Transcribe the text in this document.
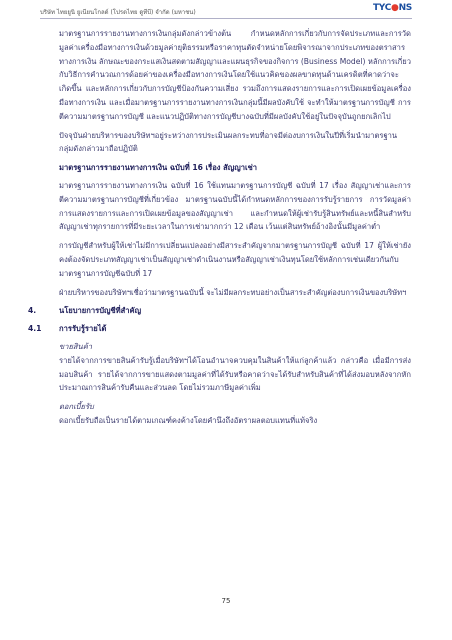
บริษัท ไทยยูนิ ยูเนียนโกลด์ (โปรดไทย ดูทีบี) จำกัด (มหาชน)	TYC●NS

มาตรฐานการรายงานทางการเงินกลุ่มดังกล่าวข้างต้น กำหนดหลักการเกี่ยวกับการจัดประเภทและการวัดมูลค่าเครื่องมือทางการเงินด้วยมูลค่ายุติธรรมหรือราคาทุนตัดจำหน่ายโดยพิจารณาจากประเภทของตราสารทางการเงิน ลักษณะของกระแสเงินสดตามสัญญาและแผนธุรกิจของกิจการ (Business Model) หลักการเกี่ยวกับวิธีการคำนวณการด้อยค่าของเครื่องมือทางการเงินโดยใช้แนวคิดของผลขาดทุนด้านเครดิตที่คาดว่าจะเกิดขึ้น และหลักการเกี่ยวกับการบัญชีป้องกันความเสี่ยง รวมถึงการแสดงรายการและการเปิดเผยข้อมูลเครื่องมือทางการเงิน และเมื่อมาตรฐานการรายงานทางการเงินกลุ่มนี้มีผลบังคับใช้ จะทำให้มาตรฐานการบัญชี การตีความมาตรฐานการบัญชี และแนวปฏิบัติทางการบัญชีบางฉบับที่มีผลบังคับใช้อยู่ในปัจจุบันถูกยกเลิกไป

ปัจจุบันฝ่ายบริหารของบริษัทฯอยู่ระหว่างการประเมินผลกระทบที่อาจมีต่องบการเงินในปีที่เริ่มนำมาตรฐานกลุ่มดังกล่าวมาถือปฏิบัติ

มาตรฐานการรายงานทางการเงิน ฉบับที่ 16 เรื่อง สัญญาเช่า

มาตรฐานการรายงานทางการเงิน ฉบับที่ 16 ใช้แทนมาตรฐานการบัญชี ฉบับที่ 17 เรื่อง สัญญาเช่าและการตีความมาตรฐานการบัญชีที่เกี่ยวข้อง มาตรฐานฉบับนี้ได้กำหนดหลักการของการรับรู้รายการ การวัดมูลค่า การแสดงรายการและการเปิดเผยข้อมูลของสัญญาเช่า และกำหนดให้ผู้เช่ารับรู้สินทรัพย์และหนี้สินสำหรับสัญญาเช่าทุกรายการที่มีระยะเวลาในการเช่ามากกว่า 12 เดือน เว้นแต่สินทรัพย์อ้างอิงนั้นมีมูลค่าต่ำ

การบัญชีสำหรับผู้ให้เช่าไม่มีการเปลี่ยนแปลงอย่างมีสาระสำคัญจากมาตรฐานการบัญชี ฉบับที่ 17 ผู้ให้เช่ายังคงต้องจัดประเภทสัญญาเช่าเป็นสัญญาเช่าดำเนินงานหรือสัญญาเช่าเงินทุนโดยใช้หลักการเช่นเดียวกันกับมาตรฐานการบัญชีฉบับที่ 17

ฝ่ายบริหารของบริษัทฯเชื่อว่ามาตรฐานฉบับนี้ จะไม่มีผลกระทบอย่างเป็นสาระสำคัญต่องบการเงินของบริษัทฯ

4.	นโยบายการบัญชีที่สำคัญ
4.1 การรับรู้รายได้

ขายสินค้า

รายได้จากการขายสินค้ารับรู้เมื่อบริษัทฯได้โอนอำนาจควบคุมในสินค้าให้แก่ลูกค้าแล้ว กล่าวคือ เมื่อมีการส่งมอบสินค้า รายได้จากการขายแสดงตามมูลค่าที่ได้รับหรือคาดว่าจะได้รับสำหรับสินค้าที่ได้ส่งมอบหลังจากหักประมาณการสินค้ารับคืนและส่วนลด โดยไม่รวมภาษีมูลค่าเพิ่ม

ดอกเบี้ยรับ

ดอกเบี้ยรับถือเป็นรายได้ตามเกณฑ์คงค้างโดยคำนึงถึงอัตราผลตอบแทนที่แท้จริง

75
